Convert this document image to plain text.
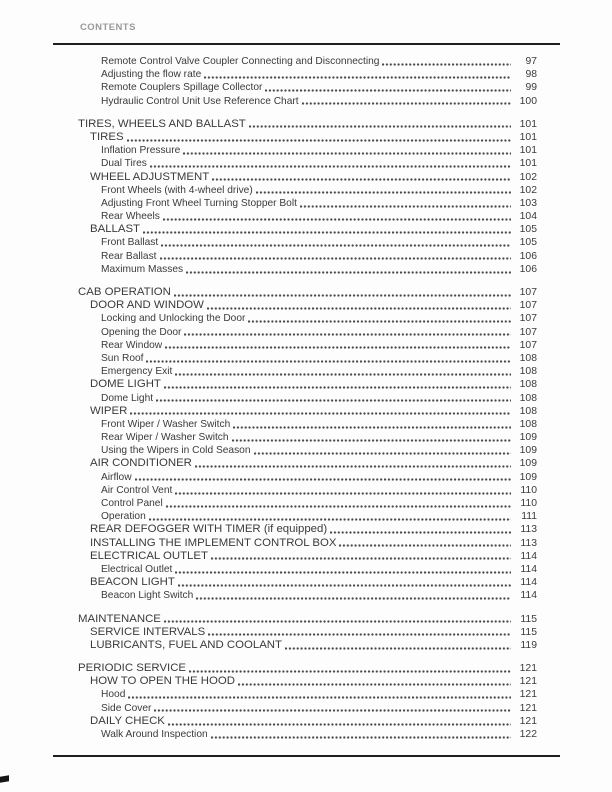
CONTENTS
Remote Control Valve Coupler Connecting and Disconnecting	97
Adjusting the flow rate	98
Remote Couplers Spillage Collector	99
Hydraulic Control Unit Use Reference Chart	100
TIRES, WHEELS AND BALLAST	101
TIRES	101
Inflation Pressure	101
Dual Tires	101
WHEEL ADJUSTMENT	102
Front Wheels (with 4-wheel drive)	102
Adjusting Front Wheel Turning Stopper Bolt	103
Rear Wheels	104
BALLAST	105
Front Ballast	105
Rear Ballast	106
Maximum Masses	106
CAB OPERATION	107
DOOR AND WINDOW	107
Locking and Unlocking the Door	107
Opening the Door	107
Rear Window	107
Sun Roof	108
Emergency Exit	108
DOME LIGHT	108
Dome Light	108
WIPER	108
Front Wiper / Washer Switch	108
Rear Wiper / Washer Switch	109
Using the Wipers in Cold Season	109
AIR CONDITIONER	109
Airflow	109
Air Control Vent	110
Control Panel	110
Operation	111
REAR DEFOGGER WITH TIMER (if equipped)	113
INSTALLING THE IMPLEMENT CONTROL BOX	113
ELECTRICAL OUTLET	114
Electrical Outlet	114
BEACON LIGHT	114
Beacon Light Switch	114
MAINTENANCE	115
SERVICE INTERVALS	115
LUBRICANTS, FUEL AND COOLANT	119
PERIODIC SERVICE	121
HOW TO OPEN THE HOOD	121
Hood	121
Side Cover	121
DAILY CHECK	121
Walk Around Inspection	122
